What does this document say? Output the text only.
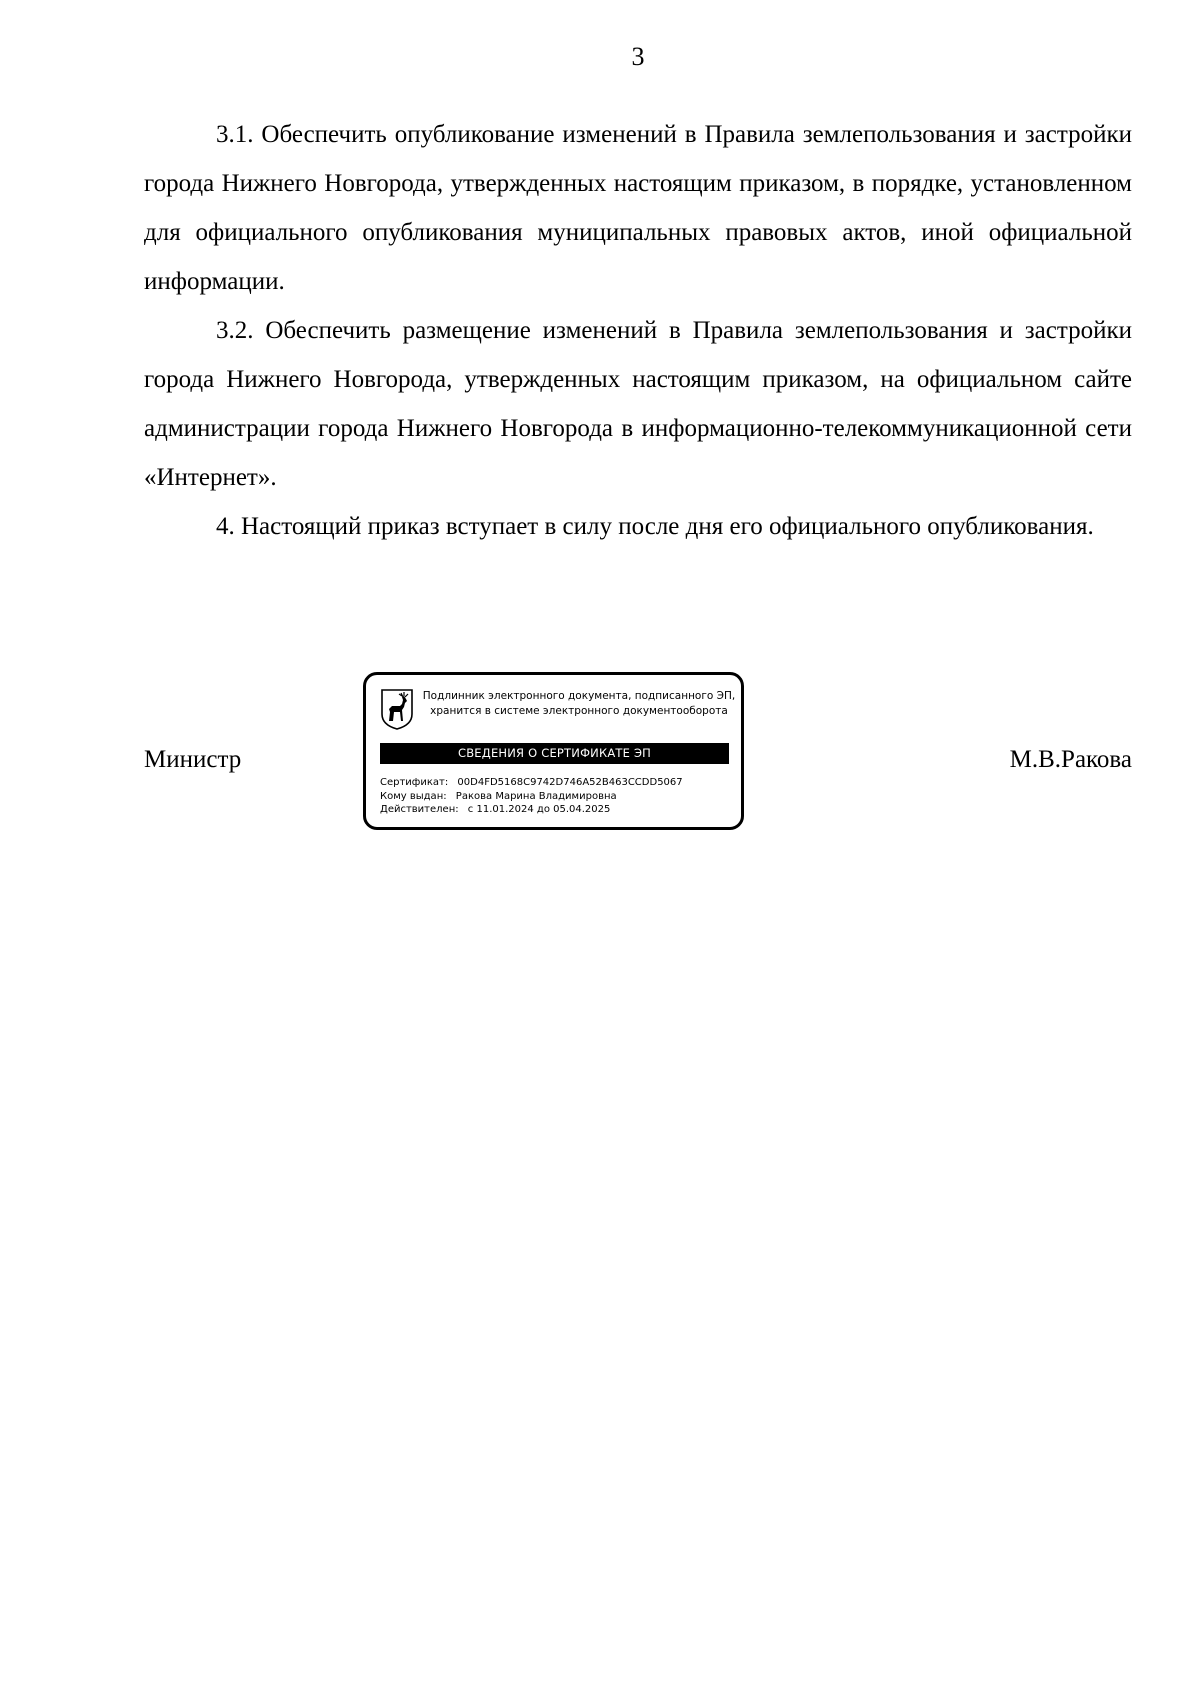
3

3.1. Обеспечить опубликование изменений в Правила землепользования и застройки города Нижнего Новгорода, утвержденных настоящим приказом, в порядке, установленном для официального опубликования муниципальных правовых актов, иной официальной информации.

3.2. Обеспечить размещение изменений в Правила землепользования и застройки города Нижнего Новгорода, утвержденных настоящим приказом, на официальном сайте администрации города Нижнего Новгорода в информационно-телекоммуникационной сети «Интернет».

4. Настоящий приказ вступает в силу после дня его официального опубликования.

Министр	М.В.Ракова
Подлинник электронного документа, подписанного ЭП,
хранится в системе электронного документооборота
СВЕДЕНИЯ О СЕРТИФИКАТЕ ЭП
Сертификат: 00D4FD5168C9742D746A52B463CCDD5067
Кому выдан: Ракова Марина Владимировна
Действителен: с 11.01.2024 до 05.04.2025
